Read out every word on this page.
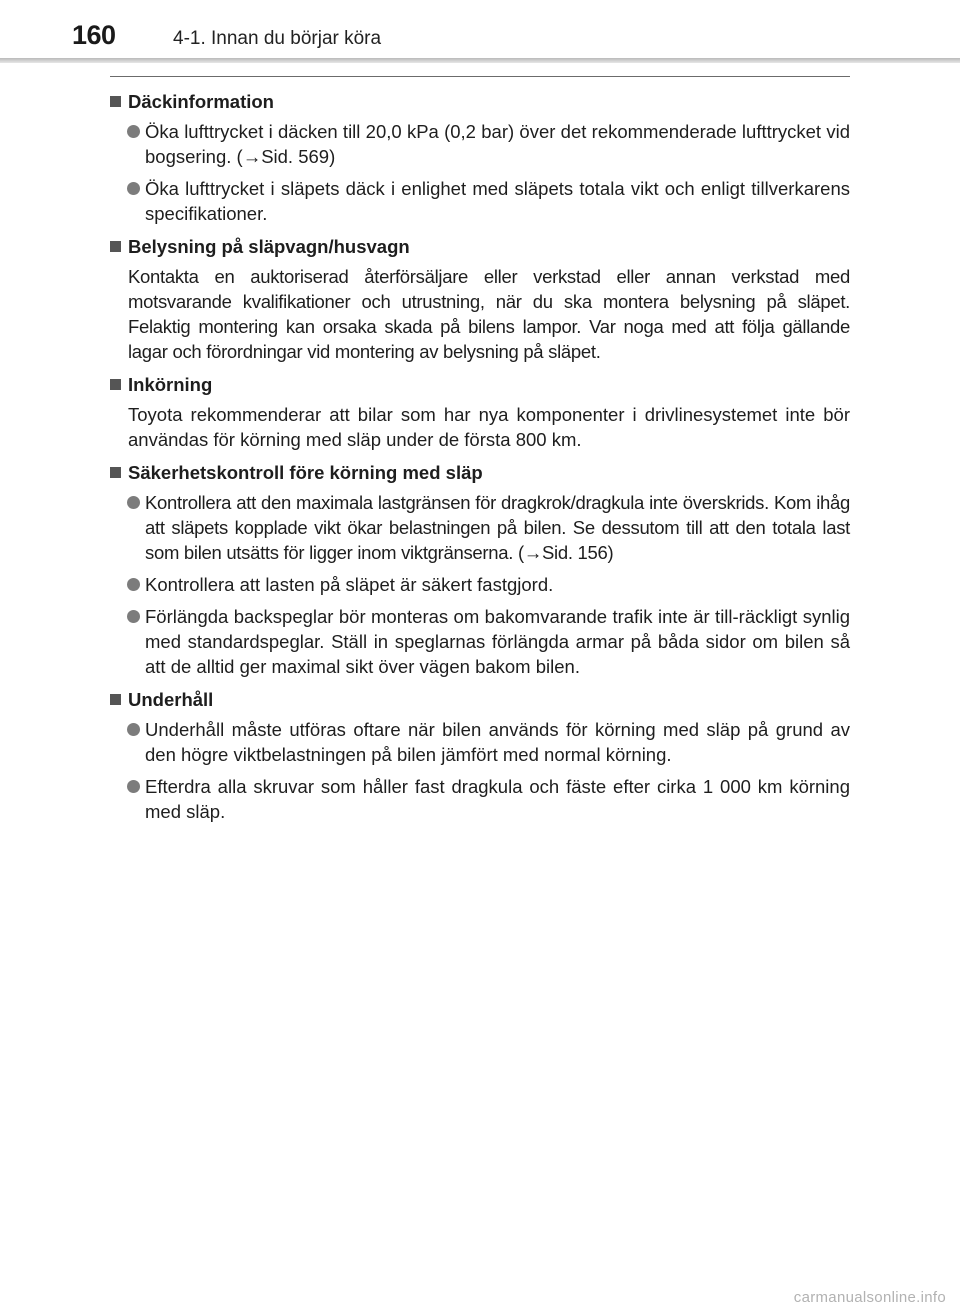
160	4-1. Innan du börjar köra
Däckinformation
Öka lufttrycket i däcken till 20,0 kPa (0,2 bar) över det rekommenderade lufttrycket vid bogsering. (→Sid. 569)
Öka lufttrycket i släpets däck i enlighet med släpets totala vikt och enligt tillverkarens specifikationer.
Belysning på släpvagn/husvagn
Kontakta en auktoriserad återförsäljare eller verkstad eller annan verkstad med motsvarande kvalifikationer och utrustning, när du ska montera belysning på släpet. Felaktig montering kan orsaka skada på bilens lampor. Var noga med att följa gällande lagar och förordningar vid montering av belysning på släpet.
Inkörning
Toyota rekommenderar att bilar som har nya komponenter i drivlinesystemet inte bör användas för körning med släp under de första 800 km.
Säkerhetskontroll före körning med släp
Kontrollera att den maximala lastgränsen för dragkrok/dragkula inte överskrids. Kom ihåg att släpets kopplade vikt ökar belastningen på bilen. Se dessutom till att den totala last som bilen utsätts för ligger inom viktgränserna. (→Sid. 156)
Kontrollera att lasten på släpet är säkert fastgjord.
Förlängda backspeglar bör monteras om bakomvarande trafik inte är till-räckligt synlig med standardspeglar. Ställ in speglarnas förlängda armar på båda sidor om bilen så att de alltid ger maximal sikt över vägen bakom bilen.
Underhåll
Underhåll måste utföras oftare när bilen används för körning med släp på grund av den högre viktbelastningen på bilen jämfört med normal körning.
Efterdra alla skruvar som håller fast dragkula och fäste efter cirka 1 000 km körning med släp.
carmanualsonline.info
